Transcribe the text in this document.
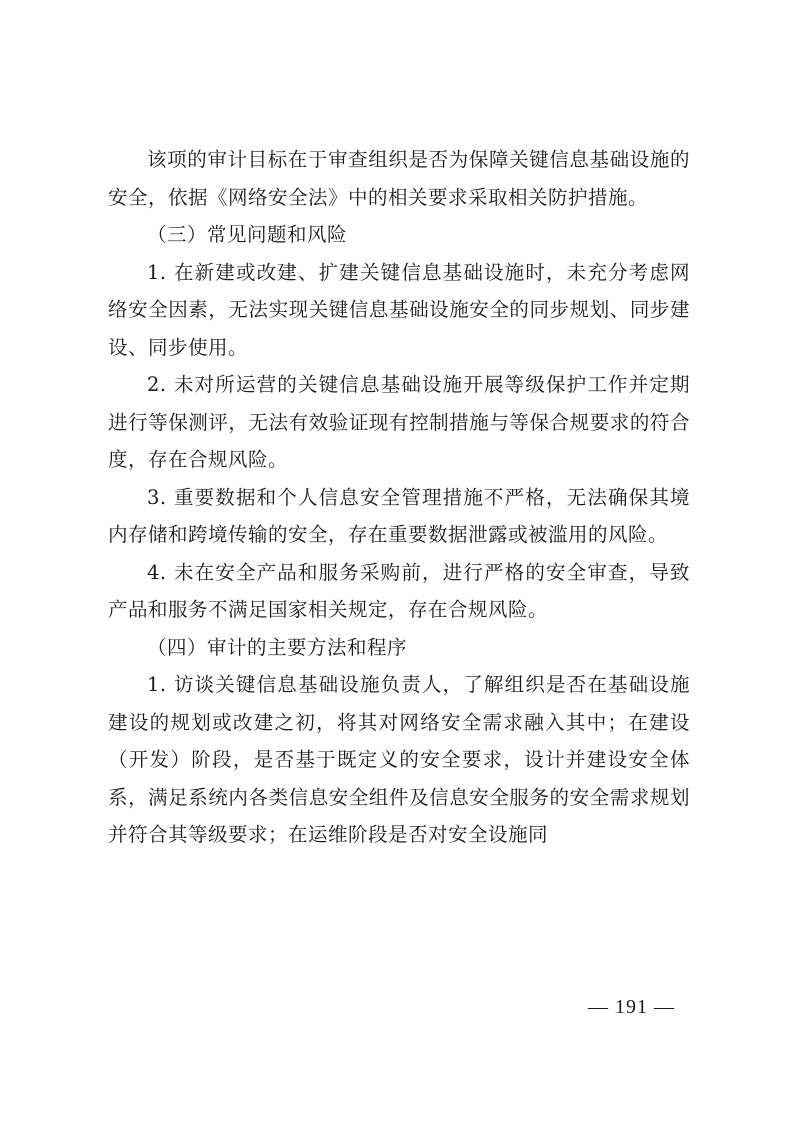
该项的审计目标在于审查组织是否为保障关键信息基础设施的安全，依据《网络安全法》中的相关要求采取相关防护措施。

（三）常见问题和风险

1. 在新建或改建、扩建关键信息基础设施时，未充分考虑网络安全因素，无法实现关键信息基础设施安全的同步规划、同步建设、同步使用。

2. 未对所运营的关键信息基础设施开展等级保护工作并定期进行等保测评，无法有效验证现有控制措施与等保合规要求的符合度，存在合规风险。

3. 重要数据和个人信息安全管理措施不严格，无法确保其境内存储和跨境传输的安全，存在重要数据泄露或被滥用的风险。

4. 未在安全产品和服务采购前，进行严格的安全审查，导致产品和服务不满足国家相关规定，存在合规风险。

（四）审计的主要方法和程序

1. 访谈关键信息基础设施负责人，了解组织是否在基础设施建设的规划或改建之初，将其对网络安全需求融入其中；在建设（开发）阶段，是否基于既定义的安全要求，设计并建设安全体系，满足系统内各类信息安全组件及信息安全服务的安全需求规划并符合其等级要求；在运维阶段是否对安全设施同

— 191 —
